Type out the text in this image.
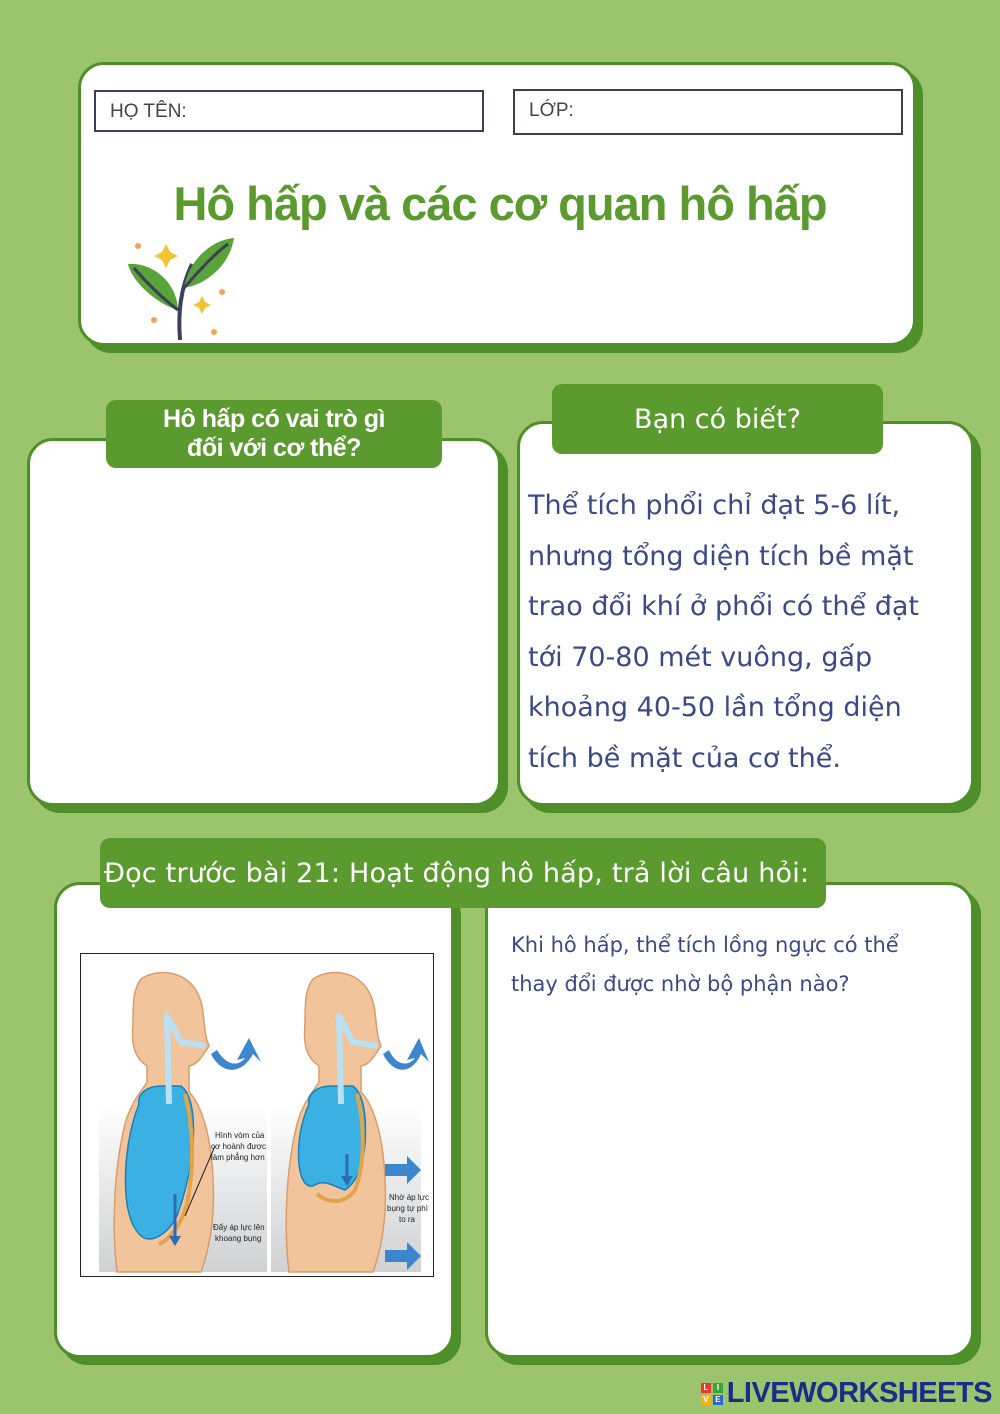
HỌ TÊN:	LỚP:
Hô hấp và các cơ quan hô hấp
Hô hấp có vai trò gì
đối với cơ thể?
Bạn có biết?
Thể tích phổi chỉ đạt 5-6 lít, nhưng tổng diện tích bề mặt trao đổi khí ở phổi có thể đạt tới 70-80 mét vuông, gấp khoảng 40-50 lần tổng diện tích bề mặt của cơ thể.
Đọc trước bài 21: Hoạt động hô hấp, trả lời câu hỏi:
Khi hô hấp, thể tích lồng ngực có thể thay đổi được nhờ bộ phận nào?
Hình vòm của cơ hoành được làm phẳng hơn Đẩy áp lực lên khoang bụng Nhờ áp lực bụng tự phì to ra
L	I
V E LIVEWORKSHEETS
